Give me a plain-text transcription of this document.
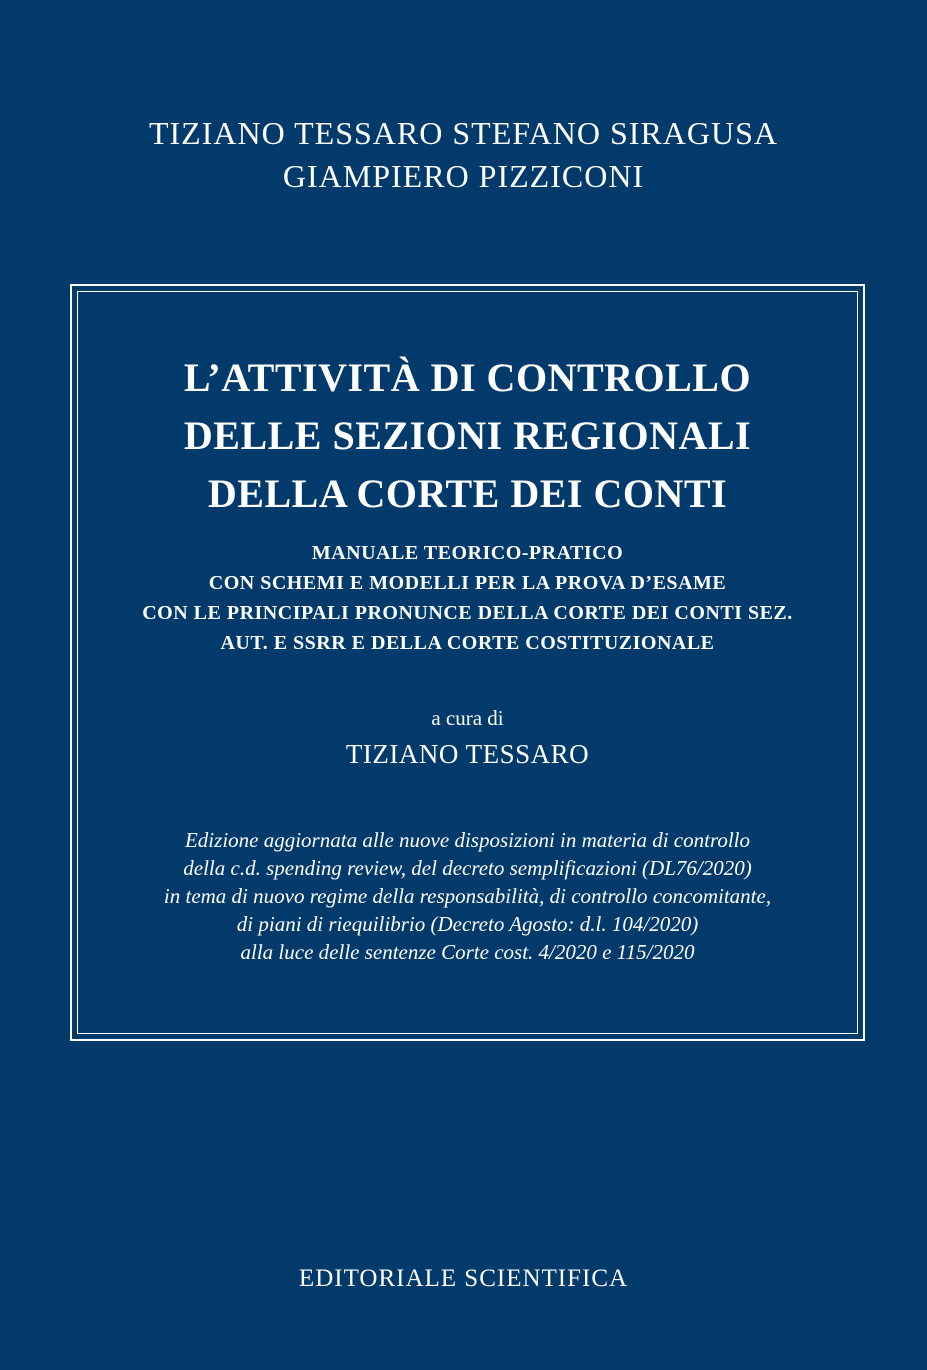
TIZIANO TESSARO STEFANO SIRAGUSA
GIAMPIERO PIZZICONI
L’ATTIVITÀ DI CONTROLLO
DELLE SEZIONI REGIONALI
DELLA CORTE DEI CONTI
MANUALE TEORICO-PRATICO
CON SCHEMI E MODELLI PER LA PROVA D’ESAME
CON LE PRINCIPALI PRONUNCE DELLA CORTE DEI CONTI SEZ.
AUT. E SSRR E DELLA CORTE COSTITUZIONALE
a cura di
TIZIANO TESSARO
Edizione aggiornata alle nuove disposizioni in materia di controllo
della c.d. spending review, del decreto semplificazioni (DL76/2020)
in tema di nuovo regime della responsabilità, di controllo concomitante,
di piani di riequilibrio (Decreto Agosto: d.l. 104/2020)
alla luce delle sentenze Corte cost. 4/2020 e 115/2020
EDITORIALE SCIENTIFICA
